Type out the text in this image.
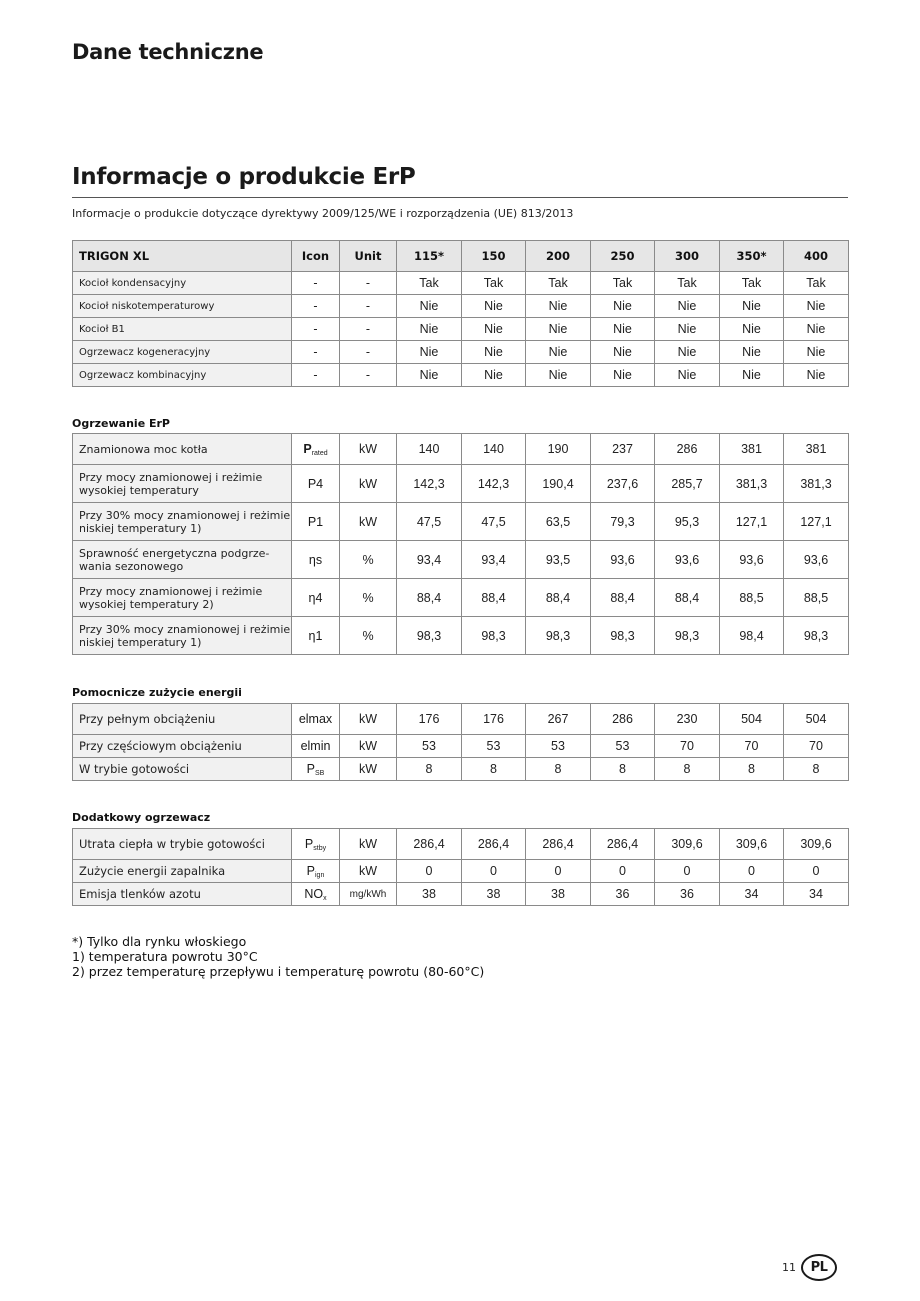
Dane techniczne
Informacje o produkcie ErP
Informacje o produkcie dotyczące dyrektywy 2009/125/WE i rozporządzenia (UE) 813/2013
TRIGON XL	Icon	Unit	115*	150	200	250	300	350*	400
Kocioł kondensacyjny	-	-	Tak	Tak	Tak	Tak	Tak	Tak	Tak
Kocioł niskotemperaturowy	-	-	Nie	Nie	Nie	Nie	Nie	Nie	Nie
Kocioł B1	-	-	Nie	Nie	Nie	Nie	Nie	Nie	Nie
Ogrzewacz kogeneracyjny	-	-	Nie	Nie	Nie	Nie	Nie	Nie	Nie
Ogrzewacz kombinacyjny	-	-	Nie	Nie	Nie	Nie	Nie	Nie	Nie
Ogrzewanie ErP
Znamionowa moc kotła	$P_{rated}$	kW	140	140	190	237	286	381	381
Przy mocy znamionowej i reżimie wysokiej temperatury	P4	kW	142,3	142,3	190,4	237,6	285,7	381,3	381,3
Przy 30% mocy znamionowej i reżimie niskiej temperatury 1)	P1	kW	47,5	47,5	63,5	79,3	95,3	127,1	127,1
Sprawność energetyczna podgrze-wania sezonowego	ηs	%	93,4	93,4	93,5	93,6	93,6	93,6	93,6
Przy mocy znamionowej i reżimie wysokiej temperatury 2)	η4	%	88,4	88,4	88,4	88,4	88,4	88,5	88,5
Przy 30% mocy znamionowej i reżimie niskiej temperatury 1)	η1	%	98,3	98,3	98,3	98,3	98,3	98,4	98,3
Pomocnicze zużycie energii
Przy pełnym obciążeniu	elmax	kW	176	176	267	286	230	504	504
Przy częściowym obciążeniu	elmin	kW	53	53	53	53	70	70	70
W trybie gotowości	$P_{SB}$	kW	8	8	8	8	8	8	8
Dodatkowy ogrzewacz
Utrata ciepła w trybie gotowości	$P_{stby}$	kW	286,4	286,4	286,4	286,4	309,6	309,6	309,6
Zużycie energii zapalnika	$P_{ign}$	kW	0	0	0	0	0	0	0
Emisja tlenków azotu	$NO_x$	mg/kWh	38	38	38	36	36	34	34
*) Tylko dla rynku włoskiego
1) temperatura powrotu 30°C
2) przez temperaturę przepływu i temperaturę powrotu (80-60°C)
11	PL
